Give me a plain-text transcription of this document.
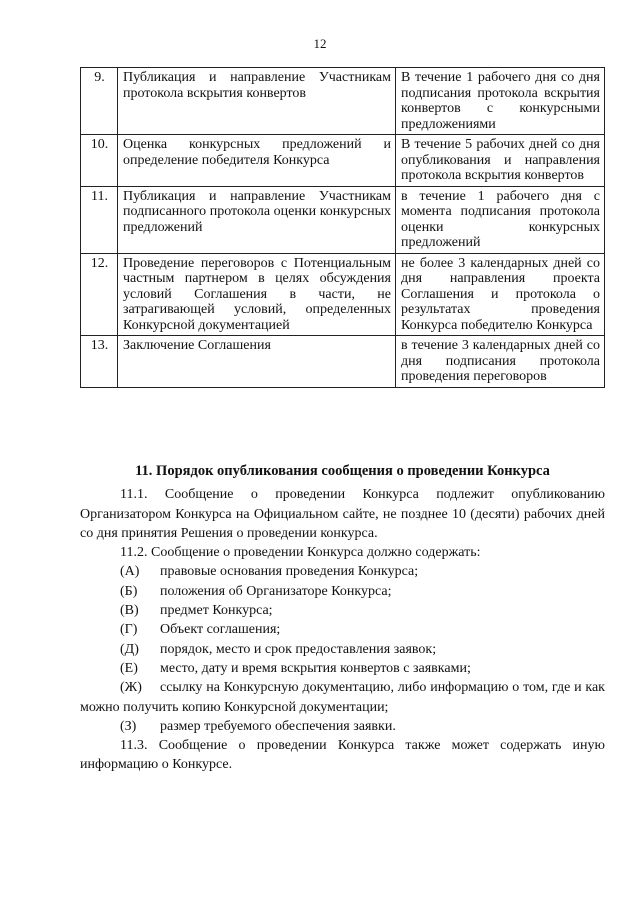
12
9.	Публикация и направление Участникам протокола вскрытия конвертов	В течение 1 рабочего дня со дня подписания протокола вскрытия конвертов с конкурсными предложениями
10.	Оценка конкурсных предложений и определение победителя Конкурса	В течение 5 рабочих дней со дня опубликования и направления протокола вскрытия конвертов
11.	Публикация и направление Участникам подписанного протокола оценки конкурсных предложений	в течение 1 рабочего дня с момента подписания протокола оценки конкурсных предложений
12.	Проведение переговоров с Потенциальным частным партнером в целях обсуждения условий Соглашения в части, не затрагивающей условий, определенных Конкурсной документацией	не более 3 календарных дней со дня направления проекта Соглашения и протокола о результатах проведения Конкурса победителю Конкурса
13.	Заключение Соглашения	в течение 3 календарных дней со дня подписания протокола проведения переговоров

11. Порядок опубликования сообщения о проведении Конкурса

11.1. Сообщение о проведении Конкурса подлежит опубликованию Организатором Конкурса на Официальном сайте, не позднее 10 (десяти) рабочих дней со дня принятия Решения о проведении конкурса.

11.2. Сообщение о проведении Конкурса должно содержать:

(А) правовые основания проведения Конкурса;

(Б) положения об Организаторе Конкурса;

(В) предмет Конкурса;

(Г) Объект соглашения;

(Д) порядок, место и срок предоставления заявок;

(Е) место, дату и время вскрытия конвертов с заявками;

(Ж) ссылку на Конкурсную документацию, либо информацию о том, где и как можно получить копию Конкурсной документации;

(З) размер требуемого обеспечения заявки.

11.3. Сообщение о проведении Конкурса также может содержать иную информацию о Конкурсе.
